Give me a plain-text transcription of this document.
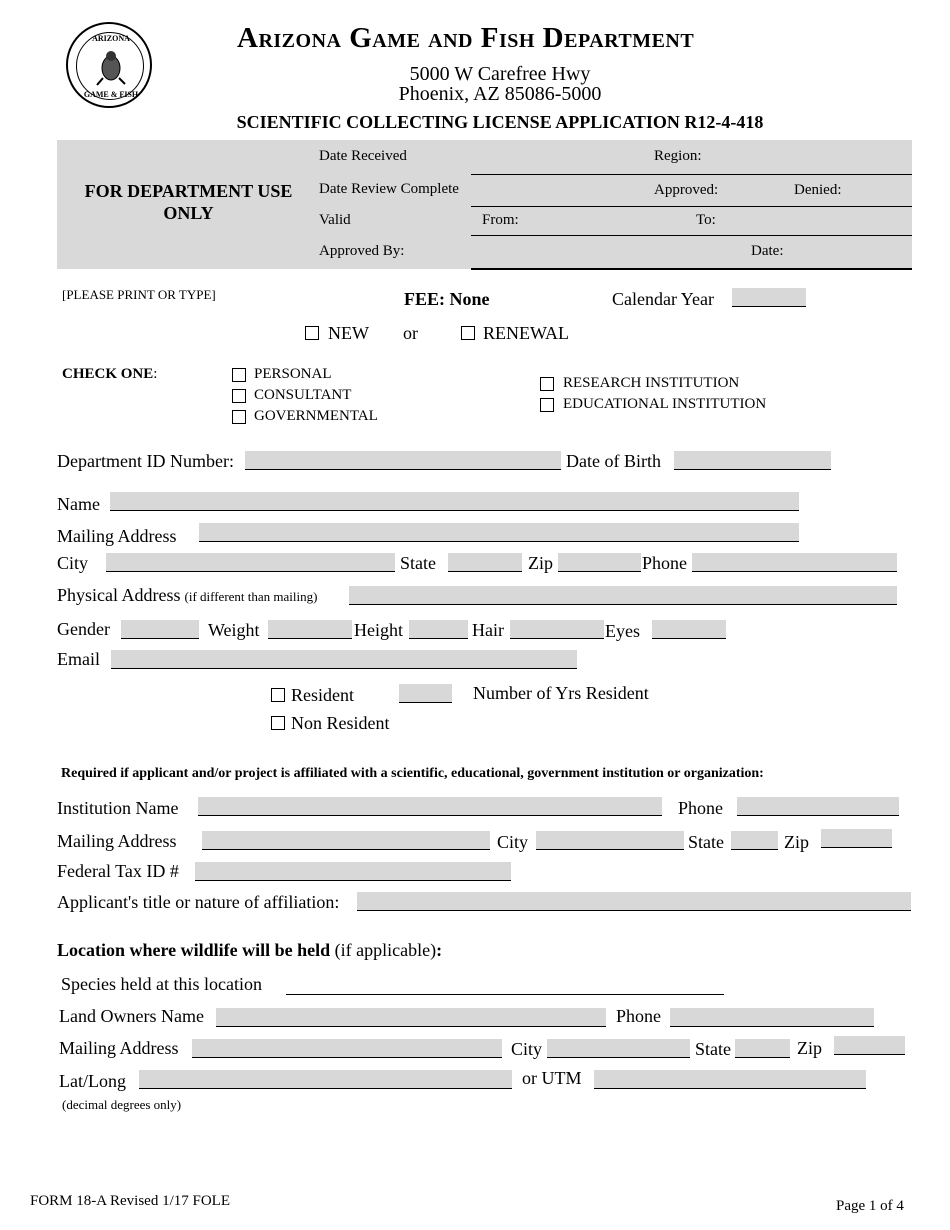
ARIZONA
GAME & FISH
Arizona Game and Fish Department
5000 W Carefree Hwy
Phoenix, AZ 85086-5000
SCIENTIFIC COLLECTING LICENSE APPLICATION R12-4-418
FOR DEPARTMENT USE ONLY
Date Received	Region:
Date Review Complete	Approved:	Denied:
Valid	From:	To:
Approved By:	Date:
[PLEASE PRINT OR TYPE]	FEE: None	Calendar Year
NEW or	RENEWAL
CHECK ONE:	PERSONAL
CONSULTANT
GOVERNMENTAL
RESEARCH INSTITUTION
EDUCATIONAL INSTITUTION
Department ID Number:	Date of Birth
Name
Mailing Address
City	State	Zip	Phone
Physical Address (if different than mailing)
Gender	Weight	Height	Hair	Eyes
Email
Resident	Number of Yrs Resident
Non Resident
Required if applicant and/or project is affiliated with a scientific, educational, government institution or organization:
Institution Name	Phone
Mailing Address	City	State	Zip
Federal Tax ID #
Applicant's title or nature of affiliation:
Location where wildlife will be held (if applicable):
Species held at this location
Land Owners Name	Phone
Mailing Address	City	State	Zip
Lat/Long	or UTM
(decimal degrees only)
FORM 18-A Revised 1/17 FOLE	Page 1 of 4
